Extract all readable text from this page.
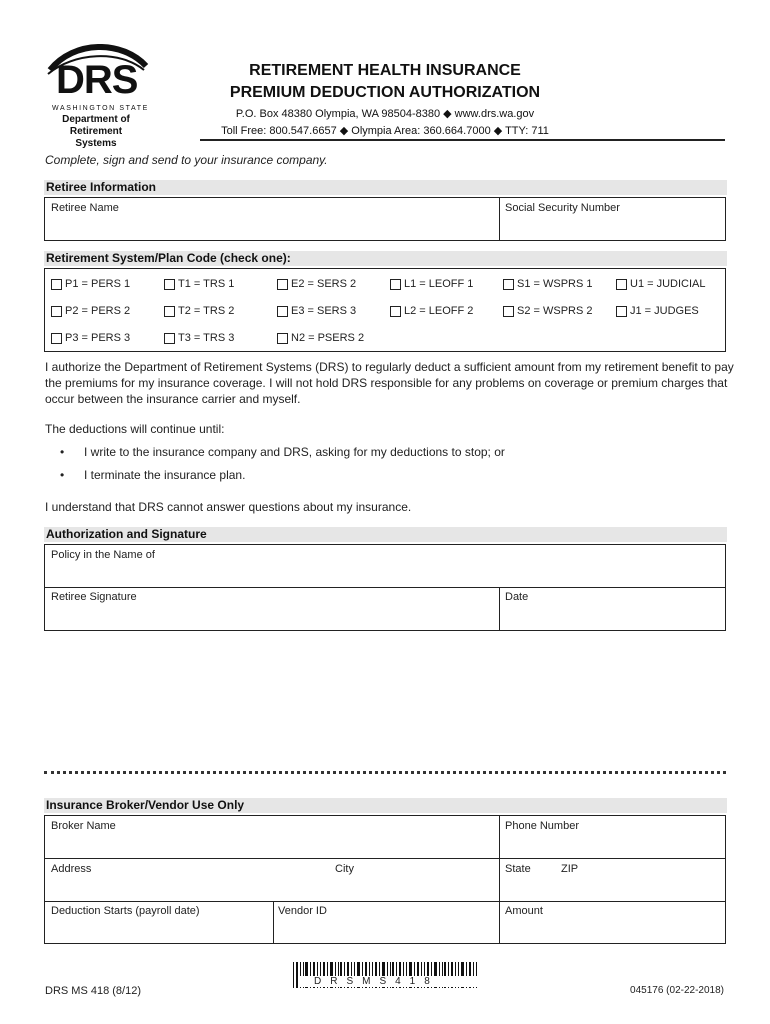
DRS
WASHINGTON STATE
Department of
Retirement Systems
RETIREMENT HEALTH INSURANCE
PREMIUM DEDUCTION AUTHORIZATION
P.O. Box 48380 Olympia, WA 98504-8380 ◆ www.drs.wa.gov
Toll Free: 800.547.6657 ◆ Olympia Area: 360.664.7000 ◆ TTY: 711
Complete, sign and send to your insurance company.
Retiree Information
Retiree Name	Social Security Number
Retirement System/Plan Code (check one):
P1 = PERS 1	T1 = TRS 1	E2 = SERS 2	L1 = LEOFF 1	S1 = WSPRS 1	U1 = JUDICIAL
P2 = PERS 2	T2 = TRS 2	E3 = SERS 3	L2 = LEOFF 2	S2 = WSPRS 2	J1 = JUDGES
P3 = PERS 3	T3 = TRS 3	N2 = PSERS 2
I authorize the Department of Retirement Systems (DRS) to regularly deduct a sufficient amount from my retirement benefit to pay the premiums for my insurance coverage. I will not hold DRS responsible for any problems on coverage or premium charges that occur between the insurance carrier and myself.
The deductions will continue until:
• I write to the insurance company and DRS, asking for my deductions to stop; or
• I terminate the insurance plan.
I understand that DRS cannot answer questions about my insurance.
Authorization and Signature
Policy in the Name of
Retiree Signature	Date
Insurance Broker/Vendor Use Only
Broker Name	Phone Number
Address	City	State	ZIP
Deduction Starts (payroll date)	Vendor ID	Amount
DRS MS 418 (8/12)
DRSMS418
045176 (02-22-2018)
